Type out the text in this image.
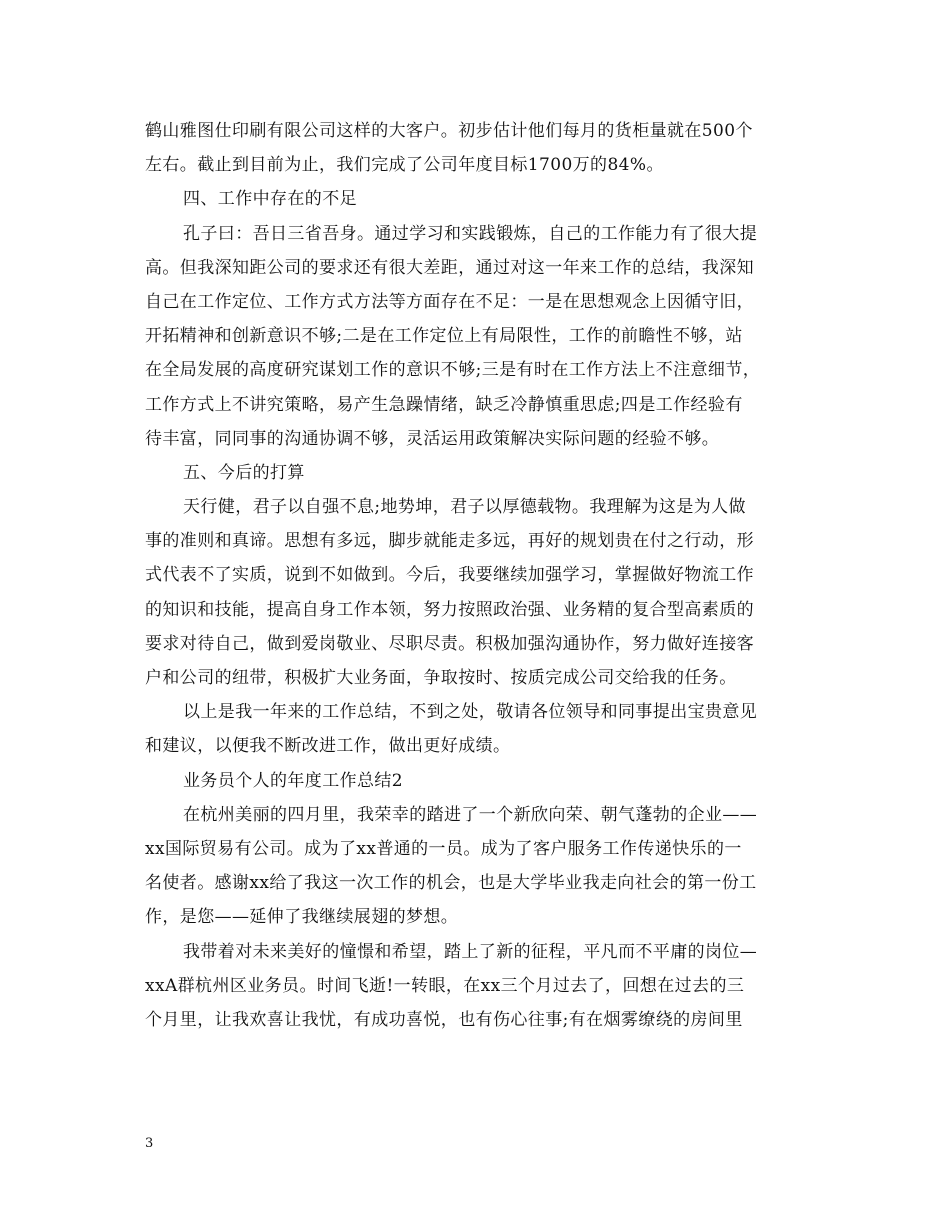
鹤山雅图仕印刷有限公司这样的大客户。初步估计他们每月的货柜量就在500个
左右。截止到目前为止，我们完成了公司年度目标1700万的84%。
四、工作中存在的不足
孔子曰：吾日三省吾身。通过学习和实践锻炼，自己的工作能力有了很大提
高。但我深知距公司的要求还有很大差距，通过对这一年来工作的总结，我深知
自己在工作定位、工作方式方法等方面存在不足：一是在思想观念上因循守旧，
开拓精神和创新意识不够;二是在工作定位上有局限性，工作的前瞻性不够，站
在全局发展的高度研究谋划工作的意识不够;三是有时在工作方法上不注意细节，
工作方式上不讲究策略，易产生急躁情绪，缺乏冷静慎重思虑;四是工作经验有
待丰富，同同事的沟通协调不够，灵活运用政策解决实际问题的经验不够。
五、今后的打算
天行健，君子以自强不息;地势坤，君子以厚德载物。我理解为这是为人做
事的准则和真谛。思想有多远，脚步就能走多远，再好的规划贵在付之行动，形
式代表不了实质，说到不如做到。今后，我要继续加强学习，掌握做好物流工作
的知识和技能，提高自身工作本领，努力按照政治强、业务精的复合型高素质的
要求对待自己，做到爱岗敬业、尽职尽责。积极加强沟通协作，努力做好连接客
户和公司的纽带，积极扩大业务面，争取按时、按质完成公司交给我的任务。
以上是我一年来的工作总结，不到之处，敬请各位领导和同事提出宝贵意见
和建议，以便我不断改进工作，做出更好成绩。
业务员个人的年度工作总结2
在杭州美丽的四月里，我荣幸的踏进了一个新欣向荣、朝气蓬勃的企业——
xx国际贸易有公司。成为了xx普通的一员。成为了客户服务工作传递快乐的一
名使者。感谢xx给了我这一次工作的机会，也是大学毕业我走向社会的第一份工
作，是您——延伸了我继续展翅的梦想。
我带着对未来美好的憧憬和希望，踏上了新的征程，平凡而不平庸的岗位—
xxA群杭州区业务员。时间飞逝!一转眼，在xx三个月过去了，回想在过去的三
个月里，让我欢喜让我忧，有成功喜悦，也有伤心往事;有在烟雾缭绕的房间里
3
